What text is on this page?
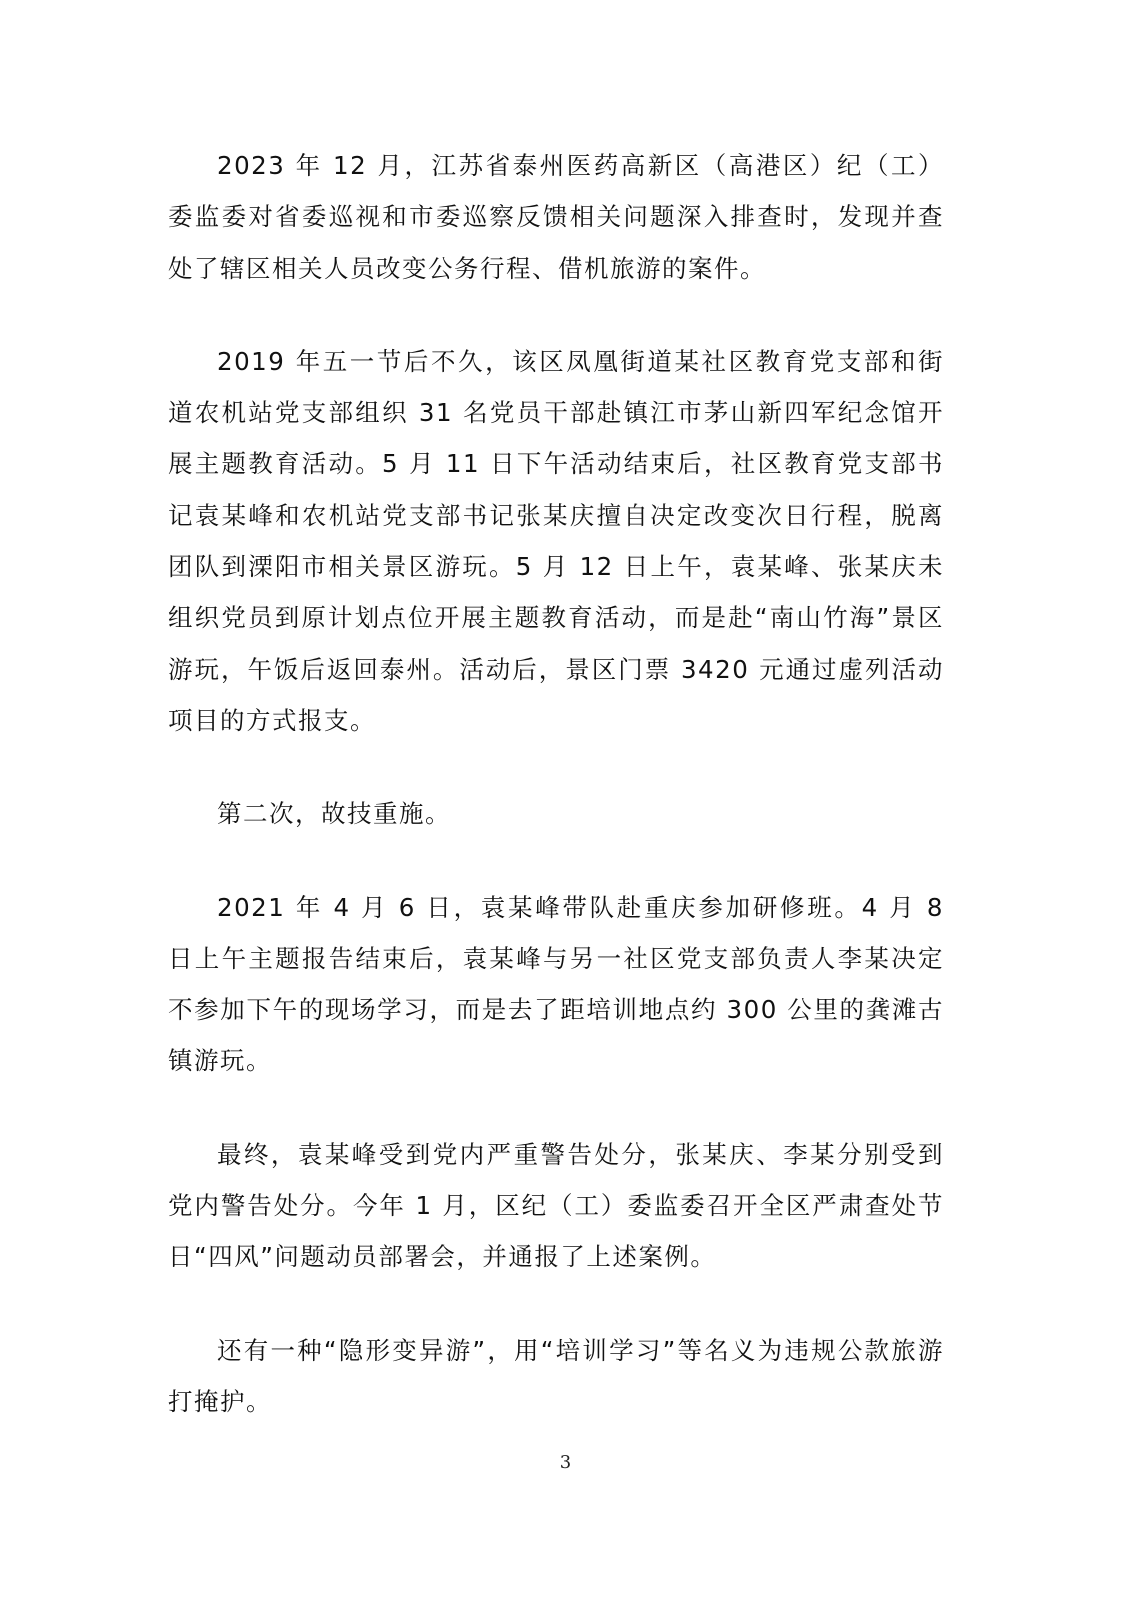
2023 年 12 月，江苏省泰州医药高新区（高港区）纪（工）委监委对省委巡视和市委巡察反馈相关问题深入排查时，发现并查处了辖区相关人员改变公务行程、借机旅游的案件。

2019 年五一节后不久，该区凤凰街道某社区教育党支部和街道农机站党支部组织 31 名党员干部赴镇江市茅山新四军纪念馆开展主题教育活动。5 月 11 日下午活动结束后，社区教育党支部书记袁某峰和农机站党支部书记张某庆擅自决定改变次日行程，脱离团队到溧阳市相关景区游玩。5 月 12 日上午，袁某峰、张某庆未组织党员到原计划点位开展主题教育活动，而是赴“南山竹海”景区游玩，午饭后返回泰州。活动后，景区门票 3420 元通过虚列活动项目的方式报支。

第二次，故技重施。

2021 年 4 月 6 日，袁某峰带队赴重庆参加研修班。4 月 8 日上午主题报告结束后，袁某峰与另一社区党支部负责人李某决定不参加下午的现场学习，而是去了距培训地点约 300 公里的龚滩古镇游玩。

最终，袁某峰受到党内严重警告处分，张某庆、李某分别受到党内警告处分。今年 1 月，区纪（工）委监委召开全区严肃查处节日“四风”问题动员部署会，并通报了上述案例。

还有一种“隐形变异游”，用“培训学习”等名义为违规公款旅游打掩护。

3
